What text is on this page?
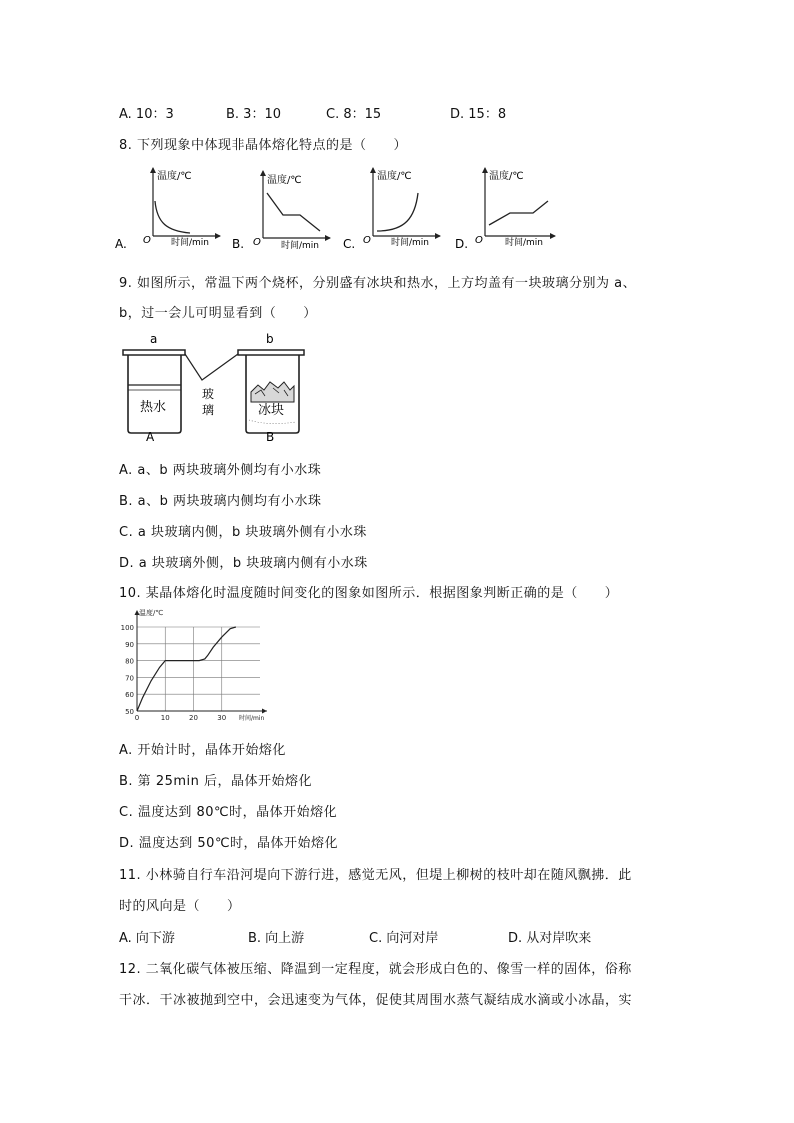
A. 10：3	B. 3：10	C. 8：15	D. 15：8
8. 下列现象中体现非晶体熔化特点的是（　　）
A.
温度/℃
O 时间/min B.
温度/℃
O 时间/min C.
温度/℃
O 时间/min D.
温度/℃
O 时间/min
9. 如图所示，常温下两个烧杯，分别盛有冰块和热水，上方均盖有一块玻璃分别为 a、
b，过一会儿可明显看到（　　）
a	b
热水
A
冰块
B
玻
璃
A. a、b 两块玻璃外侧均有小水珠
B. a、b 两块玻璃内侧均有小水珠
C. a 块玻璃内侧，b 块玻璃外侧有小水珠
D. a 块玻璃外侧，b 块玻璃内侧有小水珠
10. 某晶体熔化时温度随时间变化的图象如图所示．根据图象判断正确的是（　　）
50
60
70
80
90
100
0	10	20	30
温度/℃
时间/min
A. 开始计时，晶体开始熔化
B. 第 25min 后，晶体开始熔化
C. 温度达到 80℃时，晶体开始熔化
D. 温度达到 50℃时，晶体开始熔化
11. 小林骑自行车沿河堤向下游行进，感觉无风，但堤上柳树的枝叶却在随风飘拂．此
时的风向是（　　）
A. 向下游	B. 向上游	C. 向河对岸	D. 从对岸吹来
12. 二氧化碳气体被压缩、降温到一定程度，就会形成白色的、像雪一样的固体，俗称
干冰．干冰被抛到空中，会迅速变为气体，促使其周围水蒸气凝结成水滴或小冰晶，实
